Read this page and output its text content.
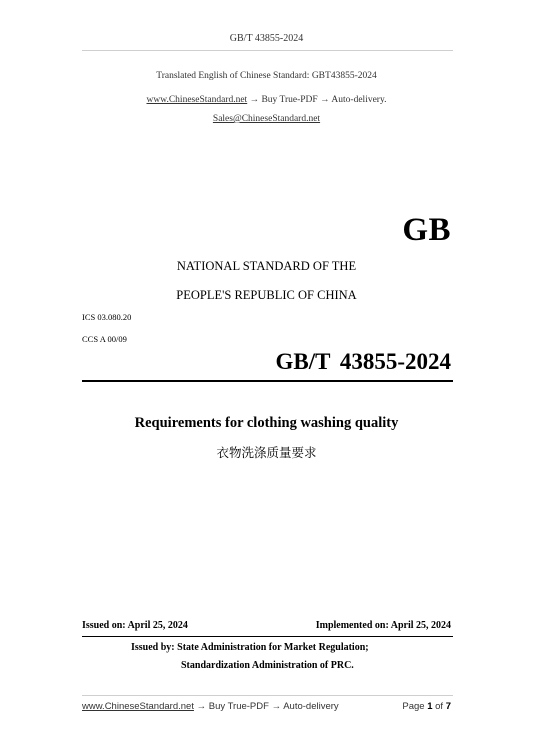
GB/T 43855-2024
Translated English of Chinese Standard: GBT43855-2024
www.ChineseStandard.net → Buy True-PDF → Auto-delivery.
Sales@ChineseStandard.net
GB
NATIONAL STANDARD OF THE
PEOPLE'S REPUBLIC OF CHINA
ICS 03.080.20
CCS A 00/09
GB/T 43855-2024
Requirements for clothing washing quality
衣物洗涤质量要求
Issued on: April 25, 2024	Implemented on: April 25, 2024
Issued by: State Administration for Market Regulation;
Standardization Administration of PRC.
www.ChineseStandard.net → Buy True-PDF → Auto-delivery	Page 1 of 7
